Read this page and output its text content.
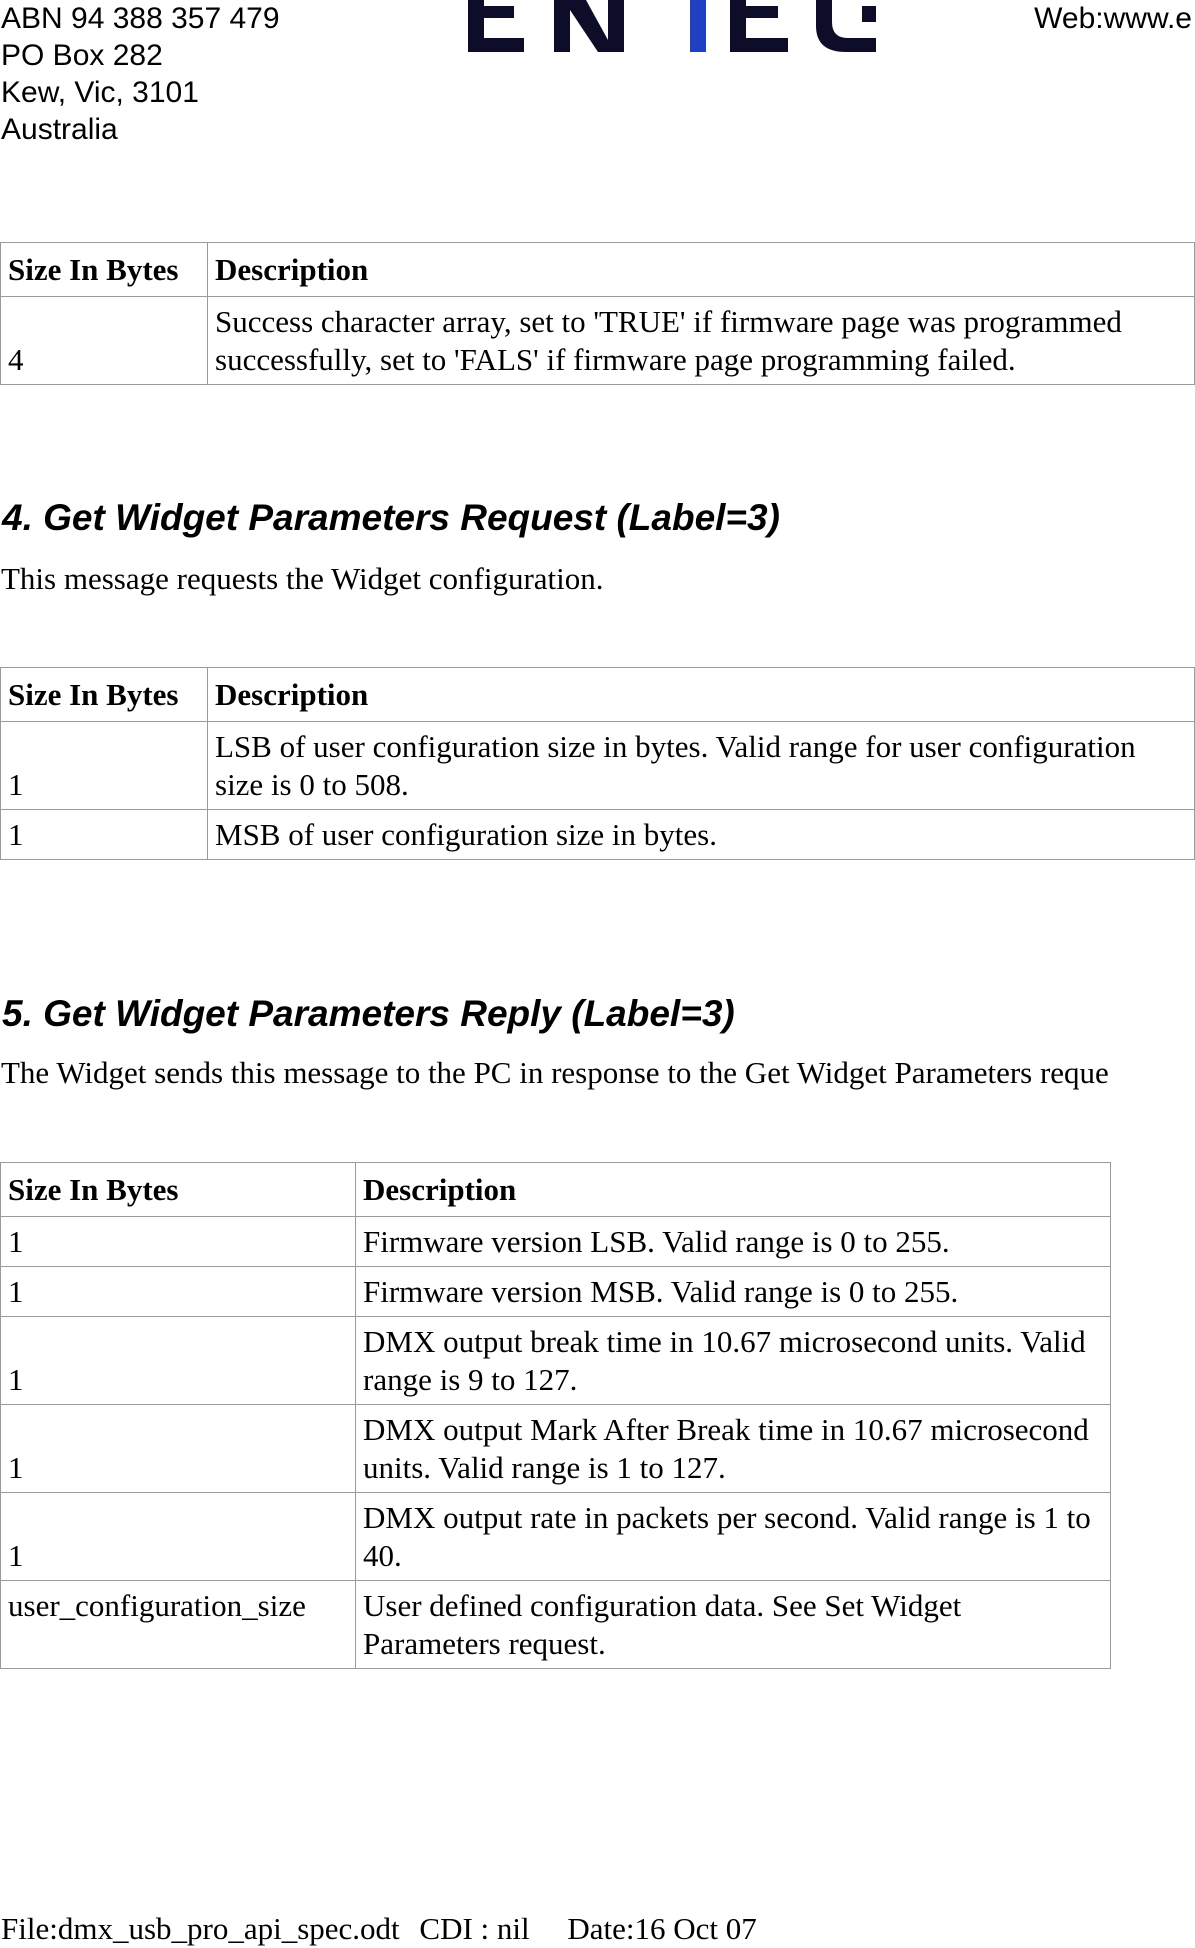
ABN 94 388 357 479
PO Box 282
Kew, Vic, 3101
Australia
Web:www.e
Size In Bytes	Description
4	Success character array, set to 'TRUE' if firmware page was programmed successfully, set to 'FALS' if firmware page programming failed.
4. Get Widget Parameters Request (Label=3)
This message requests the Widget configuration.
Size In Bytes	Description
1	LSB of user configuration size in bytes. Valid range for user configuration size is 0 to 508.
1	MSB of user configuration size in bytes.
5. Get Widget Parameters Reply (Label=3)
The Widget sends this message to the PC in response to the Get Widget Parameters reque
Size In Bytes	Description
1	Firmware version LSB. Valid range is 0 to 255.
1	Firmware version MSB. Valid range is 0 to 255.
1	DMX output break time in 10.67 microsecond units. Valid range is 9 to 127.
1	DMX output Mark After Break time in 10.67 microsecond units. Valid range is 1 to 127.
1	DMX output rate in packets per second. Valid range is 1 to 40.
user_configuration_size	User defined configuration data. See Set Widget Parameters request.
File:dmx_usb_pro_api_spec.odt CDI : nil Date:16 Oct 07
